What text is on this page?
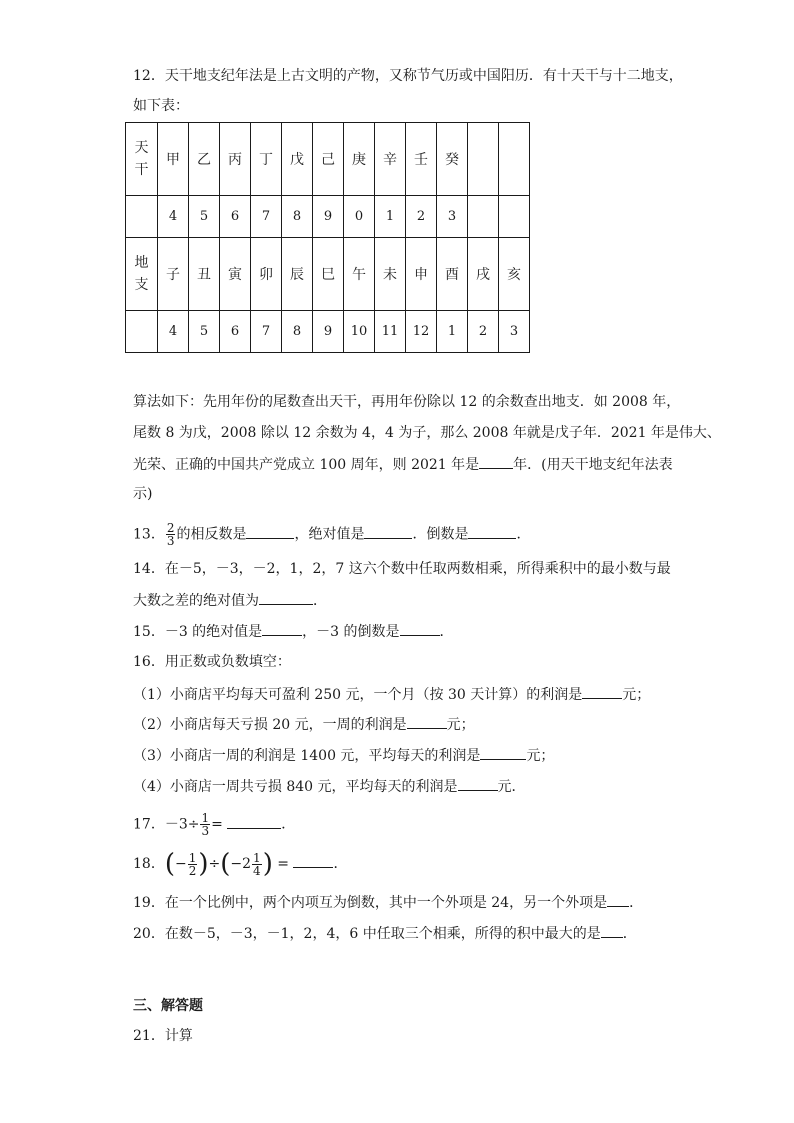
12．天干地支纪年法是上古文明的产物，又称节气历或中国阳历．有十天干与十二地支，
如下表：
天
干	甲	乙	丙	丁	戊	己	庚	辛	壬	癸		
	4	5	6	7	8	9	0	1	2	3		
地
支	子	丑	寅	卯	辰	巳	午	未	申	酉	戌	亥
	4	5	6	7	8	9	10	11	12	1	2	3
算法如下：先用年份的尾数查出天干，再用年份除以 12 的余数查出地支．如 2008 年，
尾数 8 为戊，2008 除以 12 余数为 4，4 为子，那么 2008 年就是戊子年．2021 年是伟大、
光荣、正确的中国共产党成立 100 周年，则 2021 年是 年．(用天干地支纪年法表
示)
13． $\frac{2}{3}$ 的相反数是	，绝对值是	．倒数是	．
14．在－5，－3，－2，1，2，7 这六个数中任取两数相乘，所得乘积中的最小数与最
大数之差的绝对值为	．
15．－3 的绝对值是	，－3 的倒数是	．
16．用正数或负数填空：
（1）小商店平均每天可盈利 250 元，一个月（按 30 天计算）的利润是	元；
（2）小商店每天亏损 20 元，一周的利润是	元；
（3）小商店一周的利润是 1400 元，平均每天的利润是	元；
（4）小商店一周共亏损 840 元，平均每天的利润是	元．
17．$-3\div \frac{1}{3}$ =	．
18．(− $\frac{1}{2} )\div(-2 \frac{1}{4}$ ) =	．
19．在一个比例中，两个内项互为倒数，其中一个外项是 24，另一个外项是 ．
20．在数－5，－3，－1，2，4，6 中任取三个相乘，所得的积中最大的是 ．
三、解答题
21．计算
